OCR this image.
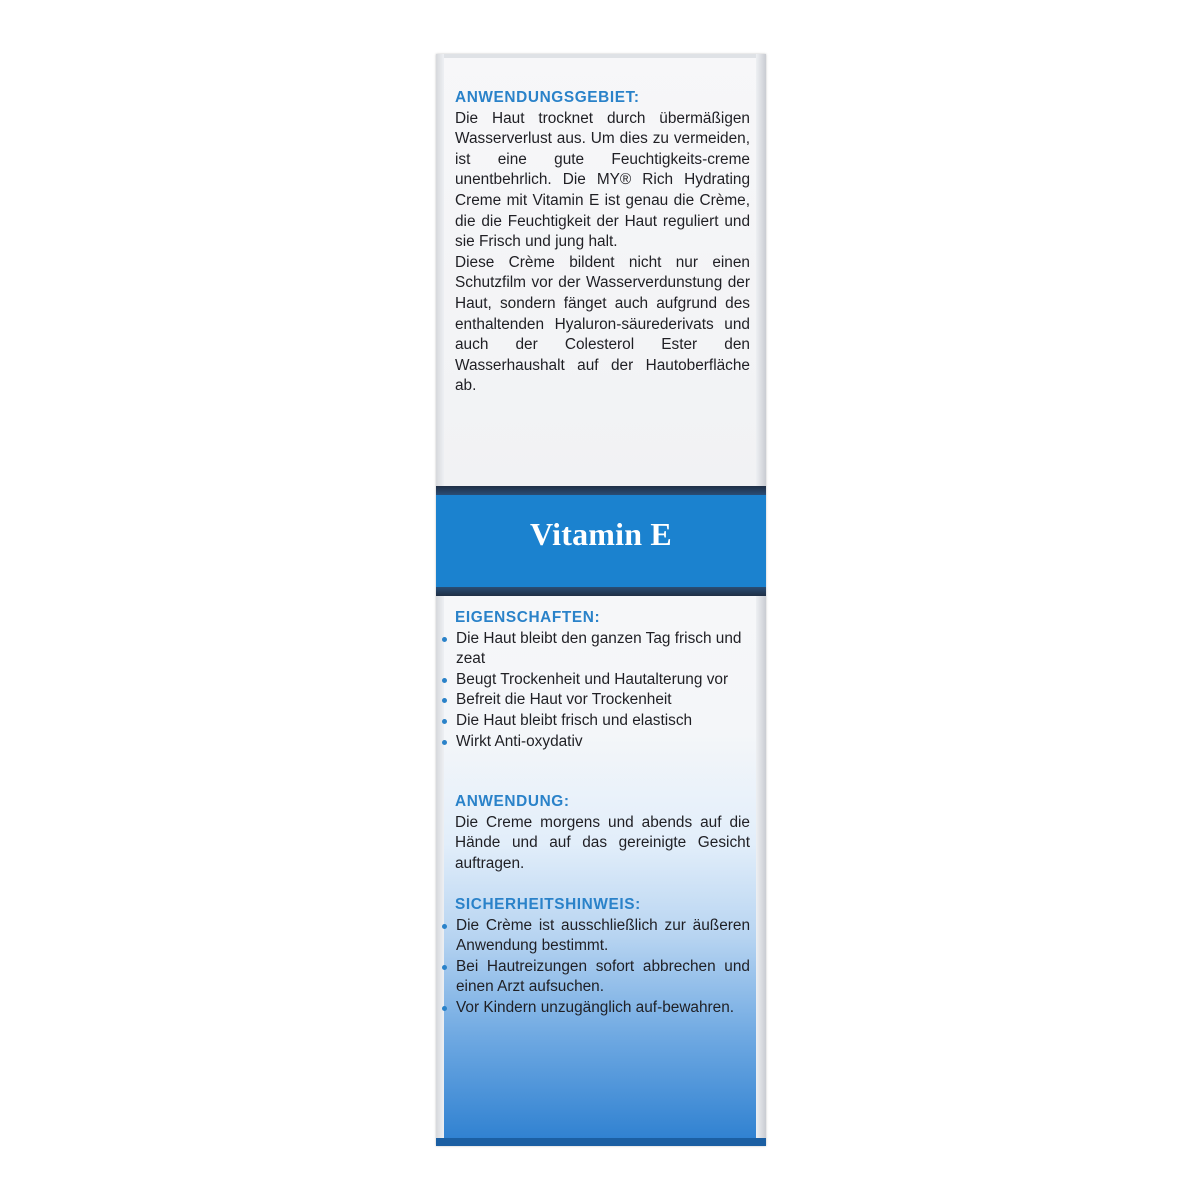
Vitamin E

ANWENDUNGSGEBIET:

Die Haut trocknet durch übermäßigen Wasserverlust aus. Um dies zu vermeiden, ist eine gute Feuchtigkeits-creme unentbehrlich. Die MY® Rich Hydrating Creme mit Vitamin E ist genau die Crème, die die Feuchtigkeit der Haut reguliert und sie Frisch und jung halt.

Diese Crème bildent nicht nur einen Schutzfilm vor der Wasserverdunstung der Haut, sondern fänget auch aufgrund des enthaltenden Hyaluron-säurederivats und auch der Colesterol Ester den Wasserhaushalt auf der Hautoberfläche ab.

EIGENSCHAFTEN:

Die Haut bleibt den ganzen Tag frisch und zeat
Beugt Trockenheit und Hautalterung vor
Befreit die Haut vor Trockenheit
Die Haut bleibt frisch und elastisch
Wirkt Anti-oxydativ

ANWENDUNG:

Die Creme morgens und abends auf die Hände und auf das gereinigte Gesicht auftragen.

SICHERHEITSHINWEIS:

Die Crème ist ausschließlich zur äußeren Anwendung bestimmt.
Bei Hautreizungen sofort abbrechen und einen Arzt aufsuchen.
Vor Kindern unzugänglich auf-bewahren.
